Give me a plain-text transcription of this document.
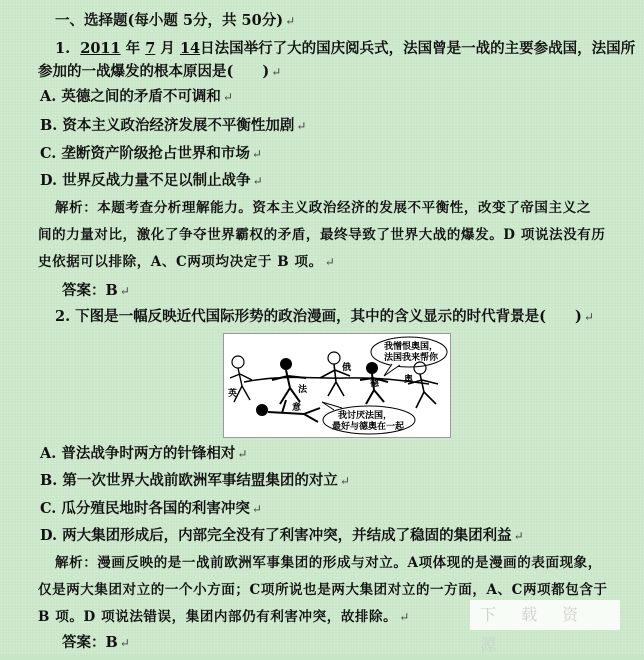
一、选择题(每小题 5分，共 50分) ↵
1. 2011 年 7 月 14日法国举行了大的国庆阅兵式，法国曾是一战的主要参战国，法国所
参加的一战爆发的根本原因是(　　) ↵
A. 英德之间的矛盾不可调和 ↵
B. 资本主义政治经济发展不平衡性加剧 ↵
C. 垄断资产阶级抢占世界和市场 ↵
D. 世界反战力量不足以制止战争 ↵
解析：本题考查分析理解能力。资本主义政治经济的发展不平衡性，改变了帝国主义之
间的力量对比，激化了争夺世界霸权的矛盾，最终导致了世界大战的爆发。D 项说法没有历
史依据可以排除，A、C两项均决定于 B 项。 ↵
答案：B ↵
2. 下图是一幅反映近代国际形势的政治漫画，其中的含义显示的时代背景是(　　) ↵
我憎恨奥国，
法国我来帮你
我讨厌法国，
最好与德奥在一起
英	法
俄
德	奥
意
A. 普法战争时两方的针锋相对 ↵
B. 第一次世界大战前欧洲军事结盟集团的对立 ↵
C. 瓜分殖民地时各国的利害冲突 ↵
D. 两大集团形成后，内部完全没有了利害冲突，并结成了稳固的集团利益 ↵
解析：漫画反映的是一战前欧洲军事集团的形成与对立。A项体现的是漫画的表面现象，
仅是两大集团对立的一个小方面；C项所说也是两大集团对立的一方面，A、C两项都包含于
B 项。D 项说法错误，集团内部仍有利害冲突，故排除。 ↵	下 载 资 源
答案：B ↵
